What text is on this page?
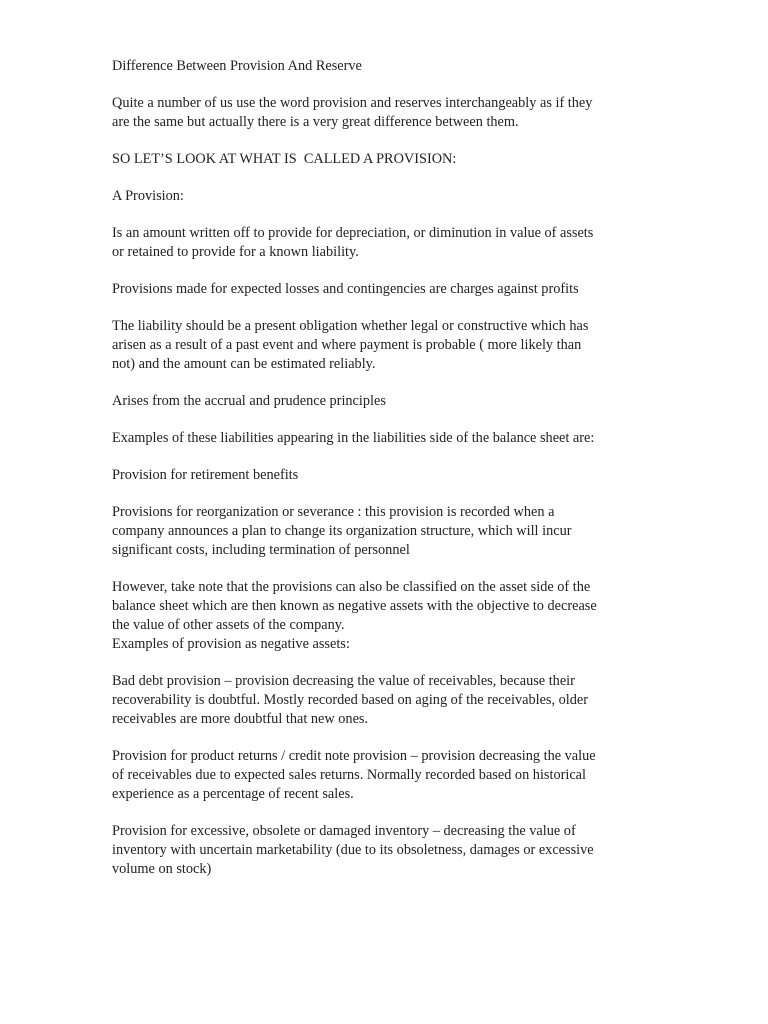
Difference Between Provision And Reserve

Quite a number of us use the word provision and reserves interchangeably as if they
are the same but actually there is a very great difference between them.

SO LET’S LOOK AT WHAT IS  CALLED A PROVISION:

A Provision:

Is an amount written off to provide for depreciation, or diminution in value of assets
or retained to provide for a known liability.

Provisions made for expected losses and contingencies are charges against profits

The liability should be a present obligation whether legal or constructive which has
arisen as a result of a past event and where payment is probable ( more likely than
not) and the amount can be estimated reliably.

Arises from the accrual and prudence principles

Examples of these liabilities appearing in the liabilities side of the balance sheet are:

Provision for retirement benefits

Provisions for reorganization or severance : this provision is recorded when a
company announces a plan to change its organization structure, which will incur
significant costs, including termination of personnel

However, take note that the provisions can also be classified on the asset side of the
balance sheet which are then known as negative assets with the objective to decrease
the value of other assets of the company.

Examples of provision as negative assets:

Bad debt provision – provision decreasing the value of receivables, because their
recoverability is doubtful. Mostly recorded based on aging of the receivables, older
receivables are more doubtful that new ones.

Provision for product returns / credit note provision – provision decreasing the value
of receivables due to expected sales returns. Normally recorded based on historical
experience as a percentage of recent sales.

Provision for excessive, obsolete or damaged inventory – decreasing the value of
inventory with uncertain marketability (due to its obsoletness, damages or excessive
volume on stock)
